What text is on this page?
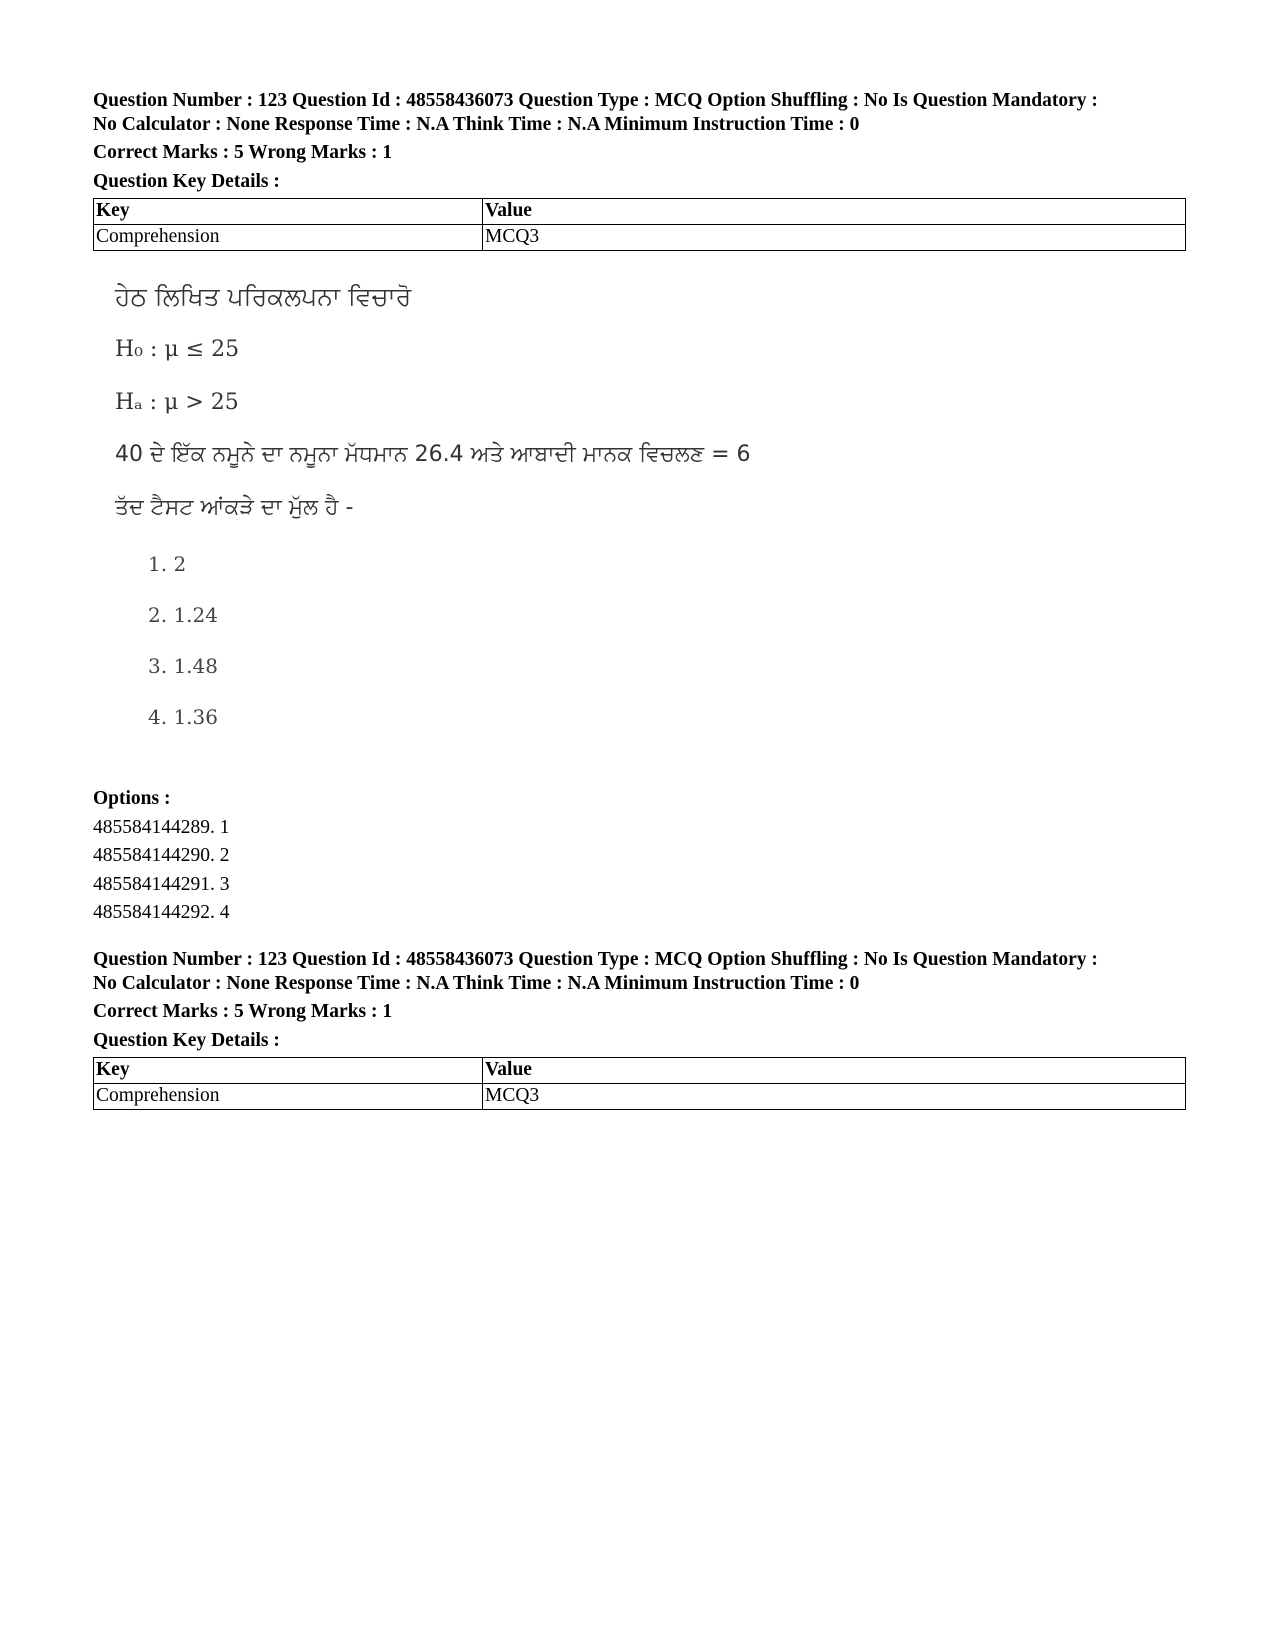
Question Number : 123 Question Id : 48558436073 Question Type : MCQ Option Shuffling : No Is Question Mandatory :
No Calculator : None Response Time : N.A Think Time : N.A Minimum Instruction Time : 0
Correct Marks : 5 Wrong Marks : 1
Question Key Details :
Key	Value
Comprehension	MCQ3
ਹੇਠ ਲਿਖਿਤ ਪਰਿਕਲਪਨਾ ਵਿਚਾਰੋ
H₀ : μ ≤ 25
Hₐ : μ > 25
40 ਦੇ ਇੱਕ ਨਮੂਨੇ ਦਾ ਨਮੂਨਾ ਮੱਧਮਾਨ 26.4 ਅਤੇ ਆਬਾਦੀ ਮਾਨਕ ਵਿਚਲਣ = 6
ਤੱਦ ਟੈਸਟ ਆਂਕੜੇ ਦਾ ਮੁੱਲ ਹੈ -
1. 2
2. 1.24
3. 1.48
4. 1.36
Options :
485584144289. 1
485584144290. 2
485584144291. 3
485584144292. 4
Question Number : 123 Question Id : 48558436073 Question Type : MCQ Option Shuffling : No Is Question Mandatory :
No Calculator : None Response Time : N.A Think Time : N.A Minimum Instruction Time : 0
Correct Marks : 5 Wrong Marks : 1
Question Key Details :
Key	Value
Comprehension	MCQ3
